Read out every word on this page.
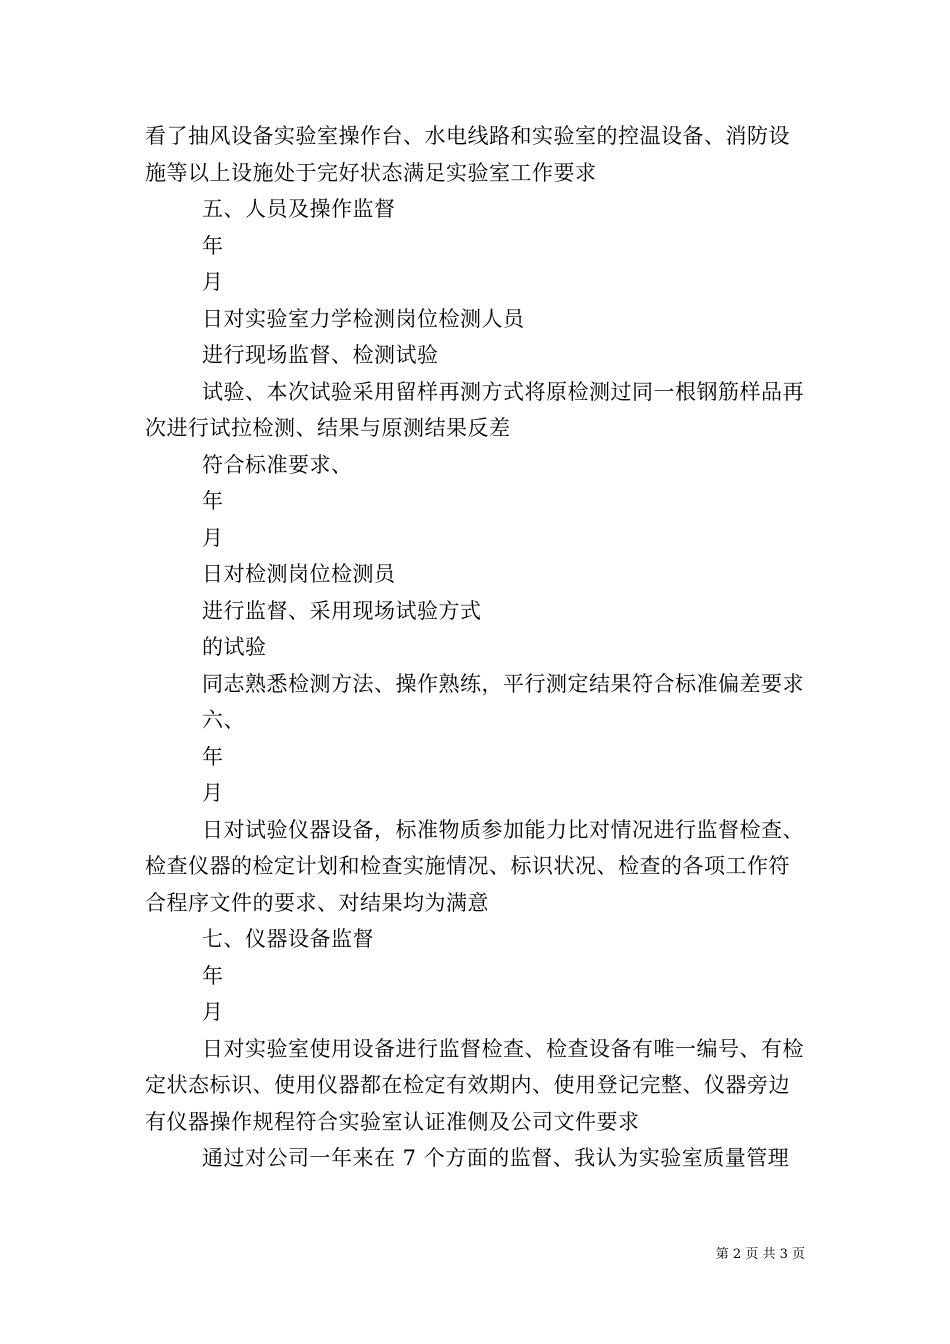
看了抽风设备实验室操作台、水电线路和实验室的控温设备、消防设施等以上设施处于完好状态满足实验室工作要求

五、人员及操作监督

年

月

日对实验室力学检测岗位检测人员

进行现场监督、检测试验

试验、本次试验采用留样再测方式将原检测过同一根钢筋样品再次进行试拉检测、结果与原测结果反差

符合标准要求、

年

月

日对检测岗位检测员

进行监督、采用现场试验方式

的试验

同志熟悉检测方法、操作熟练，平行测定结果符合标准偏差要求

六、

年

月

日对试验仪器设备，标准物质参加能力比对情况进行监督检查、检查仪器的检定计划和检查实施情况、标识状况、检查的各项工作符合程序文件的要求、对结果均为满意

七、仪器设备监督

年

月

日对实验室使用设备进行监督检查、检查设备有唯一编号、有检定状态标识、使用仪器都在检定有效期内、使用登记完整、仪器旁边有仪器操作规程符合实验室认证准侧及公司文件要求

通过对公司一年来在 7 个方面的监督、我认为实验室质量管理

第 2 页 共 3 页
